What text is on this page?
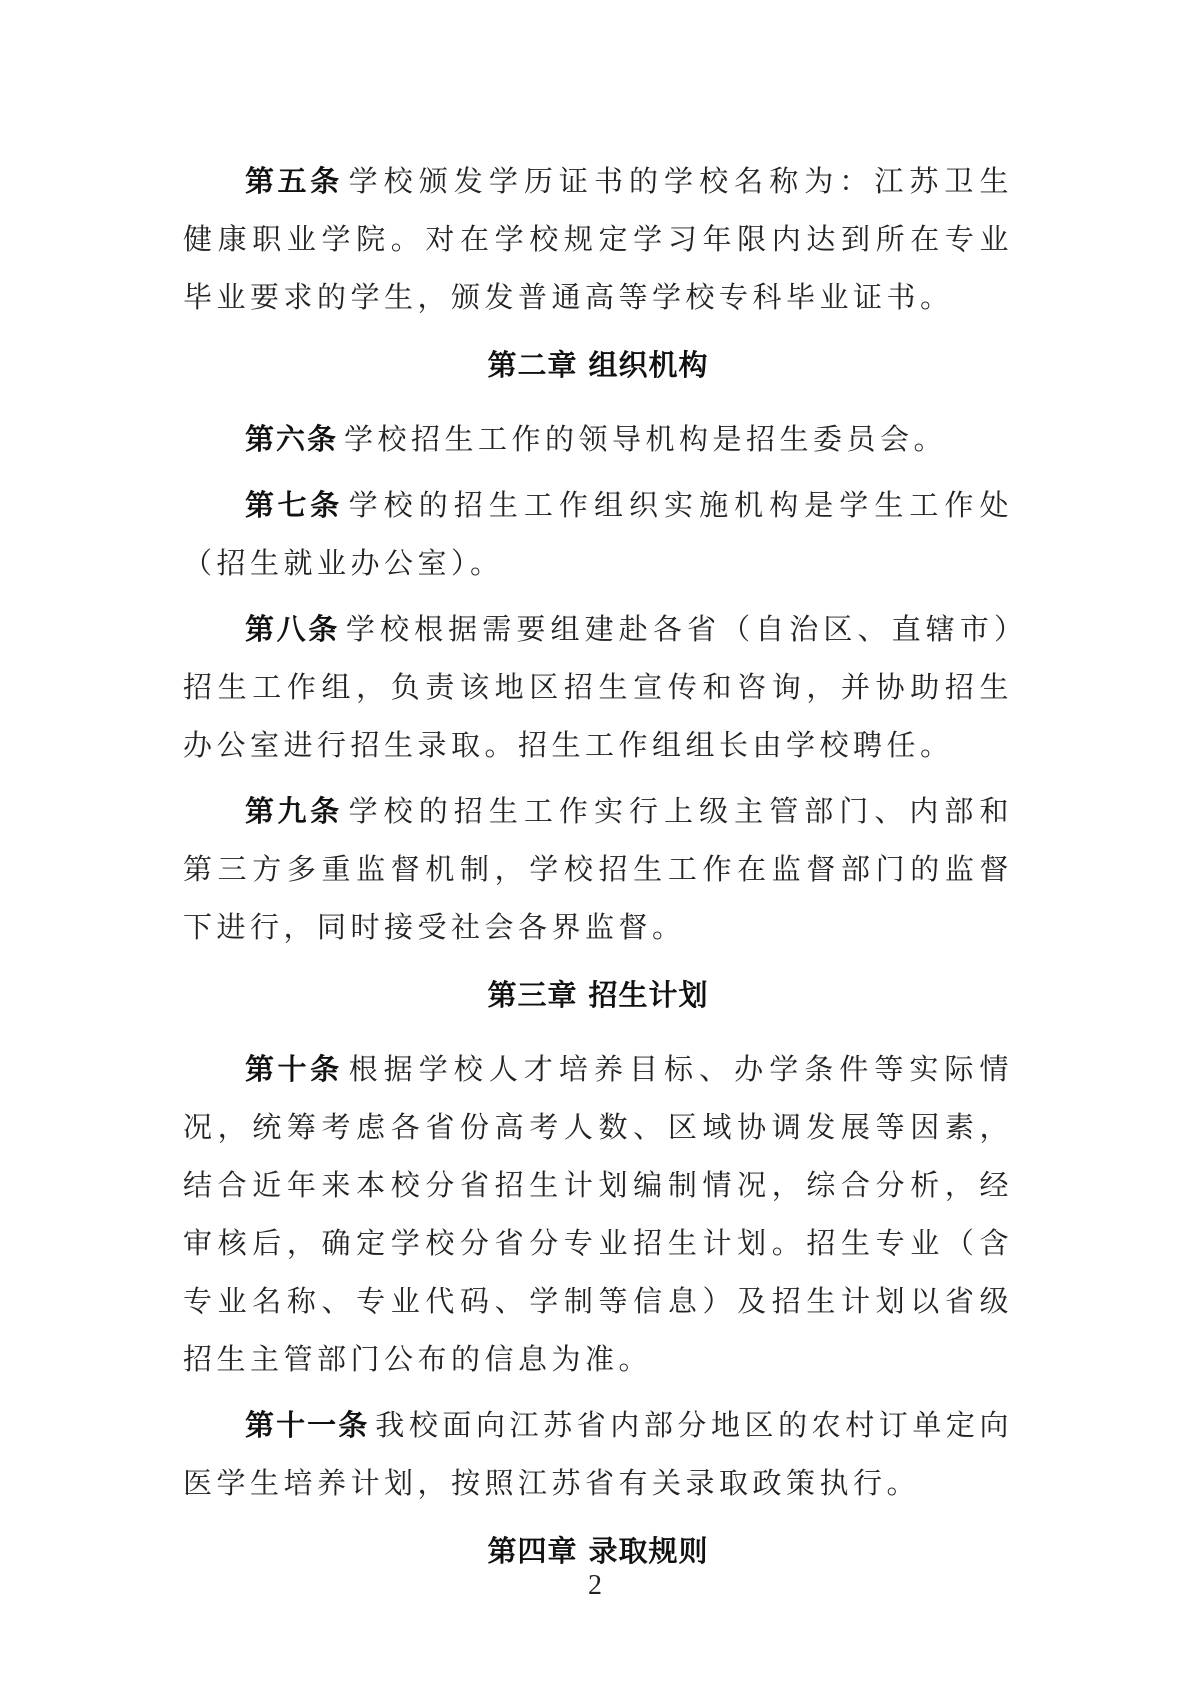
第五条 学校颁发学历证书的学校名称为：江苏卫生健康职业学院。对在学校规定学习年限内达到所在专业毕业要求的学生，颁发普通高等学校专科毕业证书。

第二章 组织机构

第六条 学校招生工作的领导机构是招生委员会。

第七条 学校的招生工作组织实施机构是学生工作处（招生就业办公室）。

第八条 学校根据需要组建赴各省（自治区、直辖市）招生工作组，负责该地区招生宣传和咨询，并协助招生办公室进行招生录取。招生工作组组长由学校聘任。

第九条 学校的招生工作实行上级主管部门、内部和第三方多重监督机制，学校招生工作在监督部门的监督下进行，同时接受社会各界监督。

第三章 招生计划

第十条 根据学校人才培养目标、办学条件等实际情况，统筹考虑各省份高考人数、区域协调发展等因素，结合近年来本校分省招生计划编制情况，综合分析，经审核后，确定学校分省分专业招生计划。招生专业（含专业名称、专业代码、学制等信息）及招生计划以省级招生主管部门公布的信息为准。

第十一条 我校面向江苏省内部分地区的农村订单定向医学生培养计划，按照江苏省有关录取政策执行。

第四章 录取规则
2
